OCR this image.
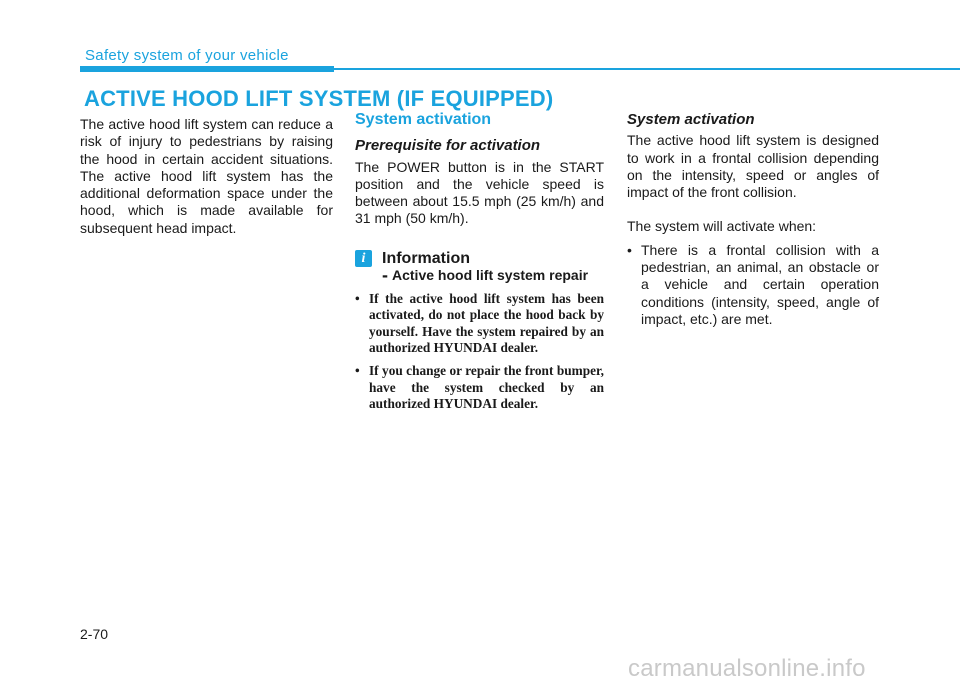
Safety system of your vehicle
ACTIVE HOOD LIFT SYSTEM (IF EQUIPPED)

The active hood lift system can reduce a risk of injury to pedestrians by raising the hood in certain accident situations. The active hood lift system has the additional deformation space under the hood, which is made available for subsequent head impact.

System activation
Prerequisite for activation

The POWER button is in the START position and the vehicle speed is between about 15.5 mph (25 km/h) and 31 mph (50 km/h).

i	Information
- Active hood lift system repair
• If the active hood lift system has been activated, do not place the hood back by yourself. Have the system repaired by an authorized HYUNDAI dealer.
• If you change or repair the front bumper, have the system checked by an authorized HYUNDAI dealer.
System activation

The active hood lift system is designed to work in a frontal collision depending on the intensity, speed or angles of impact of the front collision.

The system will activate when:

• There is a frontal collision with a pedestrian, an animal, an obstacle or a vehicle and certain operation conditions (intensity, speed, angle of impact, etc.) are met.
2-70
carmanualsonline.info
